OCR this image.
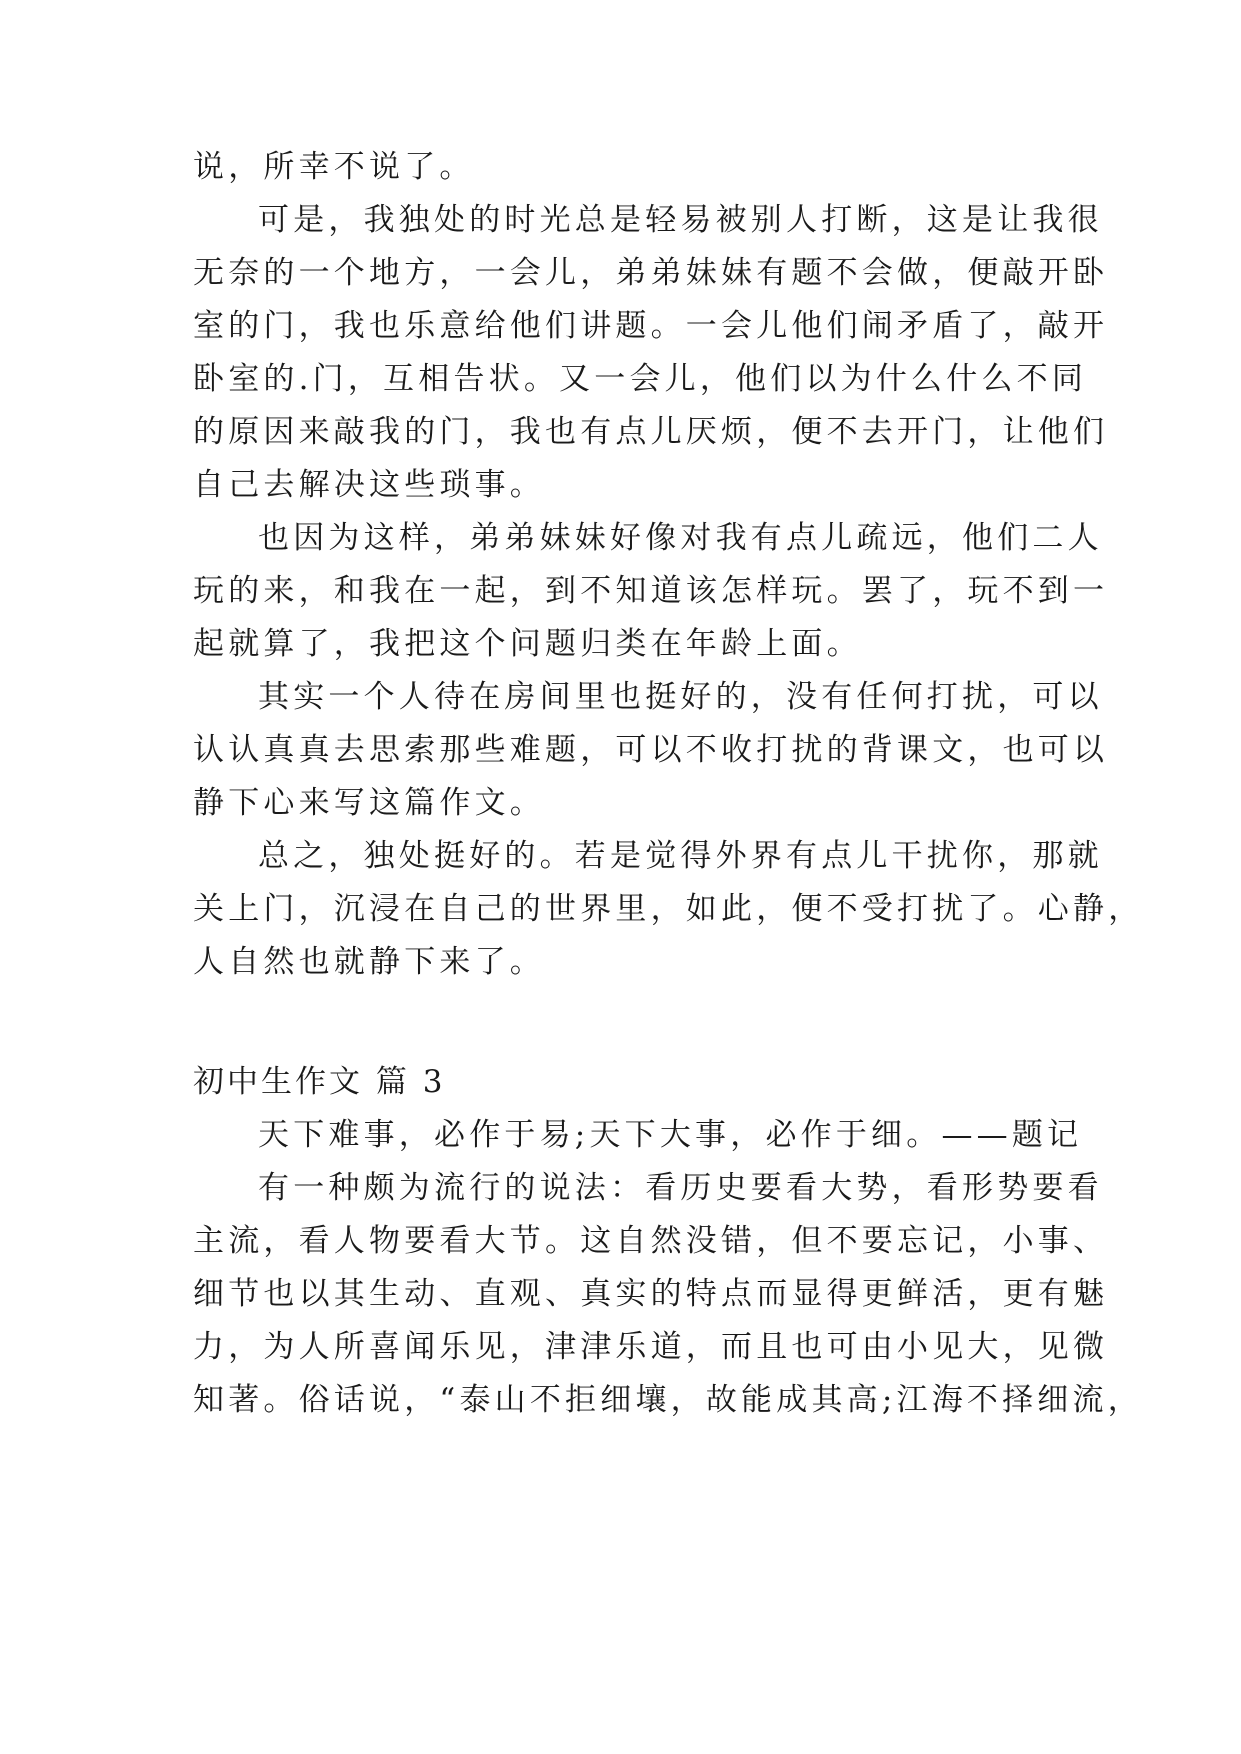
说，所幸不说了。
可是，我独处的时光总是轻易被别人打断，这是让我很
无奈的一个地方，一会儿，弟弟妹妹有题不会做，便敲开卧
室的门，我也乐意给他们讲题。一会儿他们闹矛盾了，敲开
卧室的.门，互相告状。又一会儿，他们以为什么什么不同
的原因来敲我的门，我也有点儿厌烦，便不去开门，让他们
自己去解决这些琐事。
也因为这样，弟弟妹妹好像对我有点儿疏远，他们二人
玩的来，和我在一起，到不知道该怎样玩。罢了，玩不到一
起就算了，我把这个问题归类在年龄上面。
其实一个人待在房间里也挺好的，没有任何打扰，可以
认认真真去思索那些难题，可以不收打扰的背课文，也可以
静下心来写这篇作文。
总之，独处挺好的。若是觉得外界有点儿干扰你，那就
关上门，沉浸在自己的世界里，如此，便不受打扰了。心静，
人自然也就静下来了。
初中生作文 篇 3
天下难事，必作于易;天下大事，必作于细。——题记
有一种颇为流行的说法：看历史要看大势，看形势要看
主流，看人物要看大节。这自然没错，但不要忘记，小事、
细节也以其生动、直观、真实的特点而显得更鲜活，更有魅
力，为人所喜闻乐见，津津乐道，而且也可由小见大，见微
知著。俗话说，“泰山不拒细壤，故能成其高;江海不择细流，
